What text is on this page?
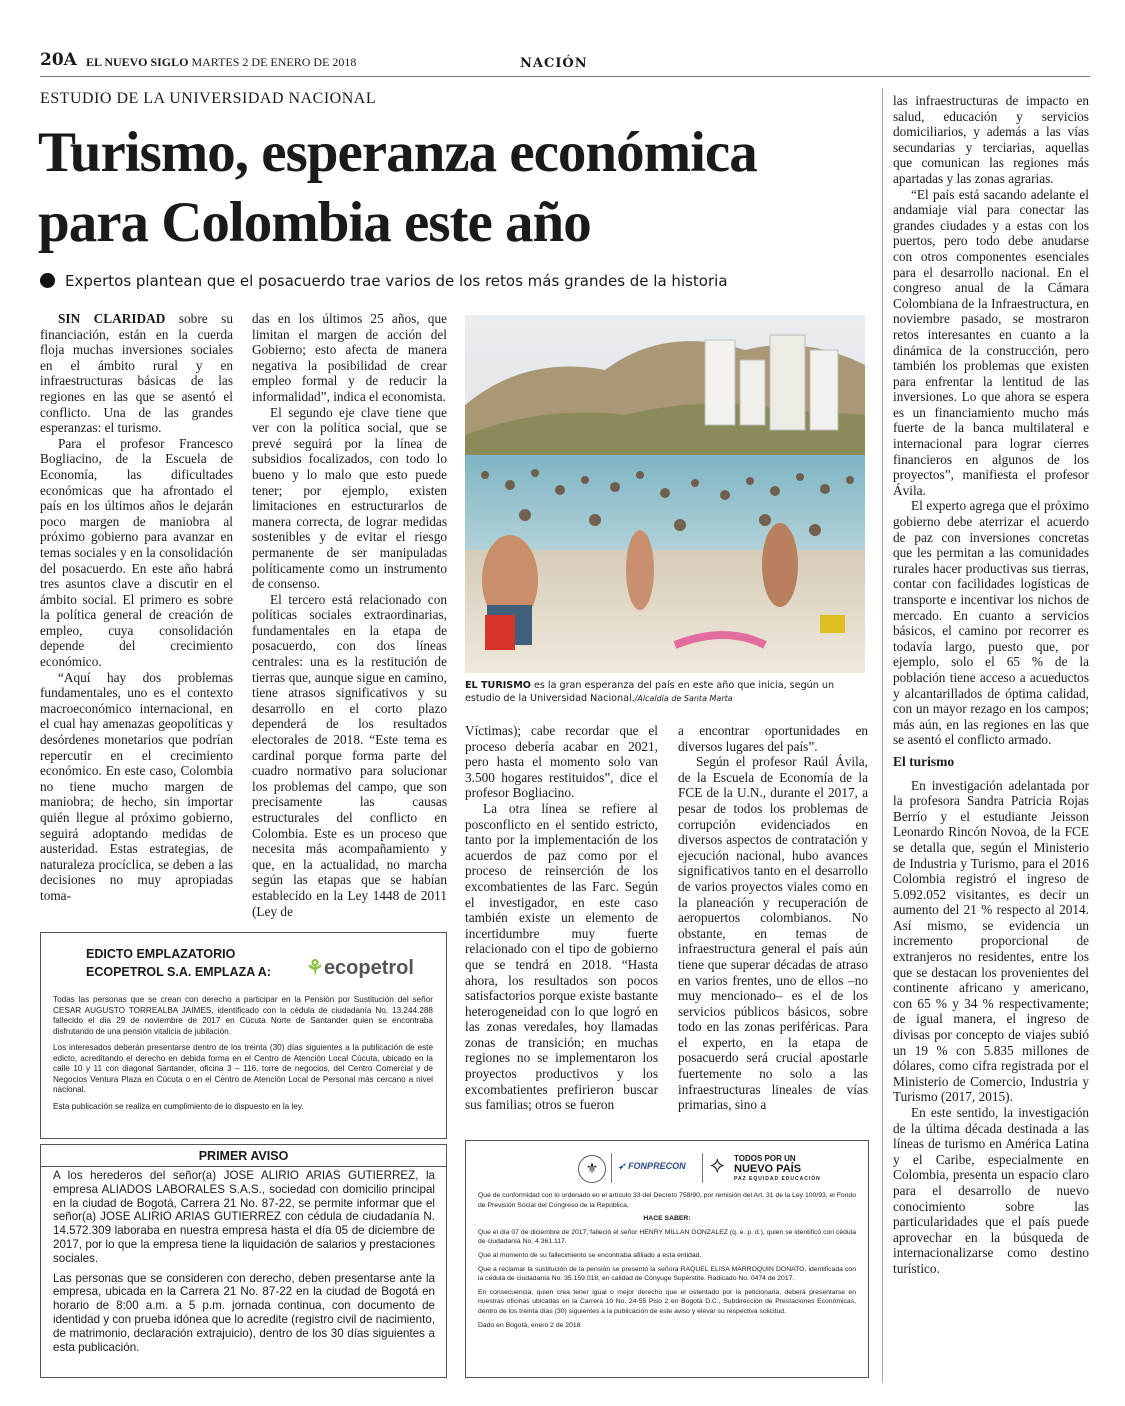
20A EL NUEVO SIGLO MARTES 2 DE ENERO DE 2018	NACIÓN
ESTUDIO DE LA UNIVERSIDAD NACIONAL
Turismo, esperanza económica para Colombia este año
Expertos plantean que el posacuerdo trae varios de los retos más grandes de la historia

SIN CLARIDAD sobre su financiación, están en la cuerda floja muchas inversiones sociales en el ámbito rural y en infraestructuras básicas de las regiones en las que se asentó el conflicto. Una de las grandes esperanzas: el turismo.

Para el profesor Francesco Bogliacino, de la Escuela de Economía, las dificultades económicas que ha afrontado el país en los últimos años le dejarán poco margen de maniobra al próximo gobierno para avanzar en temas sociales y en la consolidación del posacuerdo. En este año habrá tres asuntos clave a discutir en el ámbito social. El primero es sobre la política general de creación de empleo, cuya consolidación depende del crecimiento económico.

“Aquí hay dos problemas fundamentales, uno es el contexto macroeconómico internacional, en el cual hay amenazas geopolíticas y desórdenes monetarios que podrían repercutir en el crecimiento económico. En este caso, Colombia no tiene mucho margen de maniobra; de hecho, sin importar quién llegue al próximo gobierno, seguirá adoptando medidas de austeridad. Estas estrategias, de naturaleza procíclica, se deben a las decisiones no muy apropiadas toma-

das en los últimos 25 años, que limitan el margen de acción del Gobierno; esto afecta de manera negativa la posibilidad de crear empleo formal y de reducir la informalidad”, indica el economista.

El segundo eje clave tiene que ver con la política social, que se prevé seguirá por la línea de subsidios focalizados, con todo lo bueno y lo malo que esto puede tener; por ejemplo, existen limitaciones en estructurarlos de manera correcta, de lograr medidas sostenibles y de evitar el riesgo permanente de ser manipuladas políticamente como un instrumento de consenso.

El tercero está relacionado con políticas sociales extraordinarias, fundamentales en la etapa de posacuerdo, con dos líneas centrales: una es la restitución de tierras que, aunque sigue en camino, tiene atrasos significativos y su desarrollo en el corto plazo dependerá de los resultados electorales de 2018. “Este tema es cardinal porque forma parte del cuadro normativo para solucionar los problemas del campo, que son precisamente las causas estructurales del conflicto en Colombia. Este es un proceso que necesita más acompañamiento y que, en la actualidad, no marcha según las etapas que se habían establecido en la Ley 1448 de 2011 (Ley de

EL TURISMO es la gran esperanza del país en este año que inicia, según un estudio de la Universidad Nacional./Alcaldía de Santa Marta

Víctimas); cabe recordar que el proceso debería acabar en 2021, pero hasta el momento solo van 3.500 hogares restituidos”, dice el profesor Bogliacino.

La otra línea se refiere al posconflicto en el sentido estricto, tanto por la implementación de los acuerdos de paz como por el proceso de reinserción de los excombatientes de las Farc. Según el investigador, en este caso también existe un elemento de incertidumbre muy fuerte relacionado con el tipo de gobierno que se tendrá en 2018. “Hasta ahora, los resultados son pocos satisfactorios porque existe bastante heterogeneidad con lo que logró en las zonas veredales, hoy llamadas zonas de transición; en muchas regiones no se implementaron los proyectos productivos y los excombatientes prefirieron buscar sus familias; otros se fueron

a encontrar oportunidades en diversos lugares del país”.

Según el profesor Raúl Ávila, de la Escuela de Economía de la FCE de la U.N., durante el 2017, a pesar de todos los problemas de corrupción evidenciados en diversos aspectos de contratación y ejecución nacional, hubo avances significativos tanto en el desarrollo de varios proyectos viales como en la planeación y recuperación de aeropuertos colombianos. No obstante, en temas de infraestructura general el país aún tiene que superar décadas de atraso en varios frentes, uno de ellos –no muy mencionado– es el de los servicios públicos básicos, sobre todo en las zonas periféricas. Para el experto, en la etapa de posacuerdo será crucial apostarle fuertemente no solo a las infraestructuras lineales de vías primarias, sino a

las infraestructuras de impacto en salud, educación y servicios domiciliarios, y además a las vías secundarias y terciarias, aquellas que comunican las regiones más apartadas y las zonas agrarias.

“El país está sacando adelante el andamiaje vial para conectar las grandes ciudades y a estas con los puertos, pero todo debe anudarse con otros componentes esenciales para el desarrollo nacional. En el congreso anual de la Cámara Colombiana de la Infraestructura, en noviembre pasado, se mostraron retos interesantes en cuanto a la dinámica de la construcción, pero también los problemas que existen para enfrentar la lentitud de las inversiones. Lo que ahora se espera es un financiamiento mucho más fuerte de la banca multilateral e internacional para lograr cierres financieros en algunos de los proyectos”, manifiesta el profesor Ávila.

El experto agrega que el próximo gobierno debe aterrizar el acuerdo de paz con inversiones concretas que les permitan a las comunidades rurales hacer productivas sus tierras, contar con facilidades logísticas de transporte e incentivar los nichos de mercado. En cuanto a servicios básicos, el camino por recorrer es todavía largo, puesto que, por ejemplo, solo el 65 % de la población tiene acceso a acueductos y alcantarillados de óptima calidad, con un mayor rezago en los campos; más aún, en las regiones en las que se asentó el conflicto armado.

El turismo

En investigación adelantada por la profesora Sandra Patricia Rojas Berrío y el estudiante Jeisson Leonardo Rincón Novoa, de la FCE se detalla que, según el Ministerio de Industria y Turismo, para el 2016 Colombia registró el ingreso de 5.092.052 visitantes, es decir un aumento del 21 % respecto al 2014. Así mismo, se evidencia un incremento proporcional de extranjeros no residentes, entre los que se destacan los provenientes del continente africano y americano, con 65 % y 34 % respectivamente; de igual manera, el ingreso de divisas por concepto de viajes subió un 19 % con 5.835 millones de dólares, como cifra registrada por el Ministerio de Comercio, Industria y Turismo (2017, 2015).

En este sentido, la investigación de la última década destinada a las líneas de turismo en América Latina y el Caribe, especialmente en Colombia, presenta un espacio claro para el desarrollo de nuevo conocimiento sobre las particularidades que el país puede aprovechar en la búsqueda de internacionalizarse como destino turístico.

EDICTO EMPLAZATORIO
ECOPETROL S.A. EMPLAZA A: ⚘ecopetrol

Todas las personas que se crean con derecho a participar en la Pensión por Sustitución del señor CESAR AUGUSTO TORREALBA JAIMES, identificado con la cédula de ciudadanía No. 13.244.288 fallecido el día 29 de noviembre de 2017 en Cúcuta Norte de Santander quien se encontraba disfrutando de una pensión vitalicia de jubilación.

Los interesados deberán presentarse dentro de los treinta (30) días siguientes a la publicación de este edicto, acreditando el derecho en debida forma en el Centro de Atención Local Cúcuta, ubicado en la calle 10 y 11 con diagonal Santander, oficina 3 – 116, torre de negocios, del Centro Comercial y de Negocios Ventura Plaza en Cúcuta o en el Centro de Atención Local de Personal más cercano a nivel nacional.

Esta publicación se realiza en cumplimiento de lo dispuesto en la ley.

PRIMER AVISO

A los herederos del señor(a) JOSE ALIRIO ARIAS GUTIERREZ, la empresa ALIADOS LABORALES S.A.S., sociedad con domicilio principal en la ciudad de Bogotá, Carrera 21 No. 87-22, se permite informar que el señor(a) JOSE ALIRIO ARIAS GUTIERREZ con cédula de ciudadanía N. 14.572.309 laboraba en nuestra empresa hasta el día 05 de diciembre de 2017, por lo que la empresa tiene la liquidación de salarios y prestaciones sociales.

Las personas que se consideren con derecho, deben presentarse ante la empresa, ubicada en la Carrera 21 No. 87-22 en la ciudad de Bogotá en horario de 8:00 a.m. a 5 p.m. jornada continua, con documento de identidad y con prueba idónea que lo acredite (registro civil de nacimiento, de matrimonio, declaración extrajuicio), dentro de los 30 días siguientes a esta publicación.

⚜	➶ FONPRECON ⟡ TODOS POR UN
NUEVO PAÍS
PAZ EQUIDAD EDUCACIÓN

Que de conformidad con lo ordenado en el artículo 33 del Decreto 758/90, por remisión del Art. 31 de la Ley 100/93, el Fondo de Previsión Social del Congreso de la República,

HACE SABER:

Que el día 07 de diciembre de 2017, falleció el señor HENRY MILLAN GONZALEZ (q. e. p. d.), quien se identificó con cédula de ciudadanía No. 4.361.117.

Que al momento de su fallecimiento se encontraba afiliado a esta entidad.

Que a reclamar la sustitución de la pensión se presentó la señora RAQUEL ELISA MARROQUIN DONATO, identificada con la cédula de ciudadanía No. 35.159.018, en calidad de Cónyuge Supérstite. Radicado No. 0474 de 2017.

En consecuencia, quien crea tener igual o mejor derecho que el ostentado por la peticionaria, deberá presentarse en nuestras oficinas ubicadas en la Carrera 10 No. 24-55 Piso 2 en Bogotá D.C., Subdirección de Prestaciones Económicas, dentro de los treinta días (30) siguientes a la publicación de este aviso y elevar su respectiva solicitud.

Dado en Bogotá, enero 2 de 2018
